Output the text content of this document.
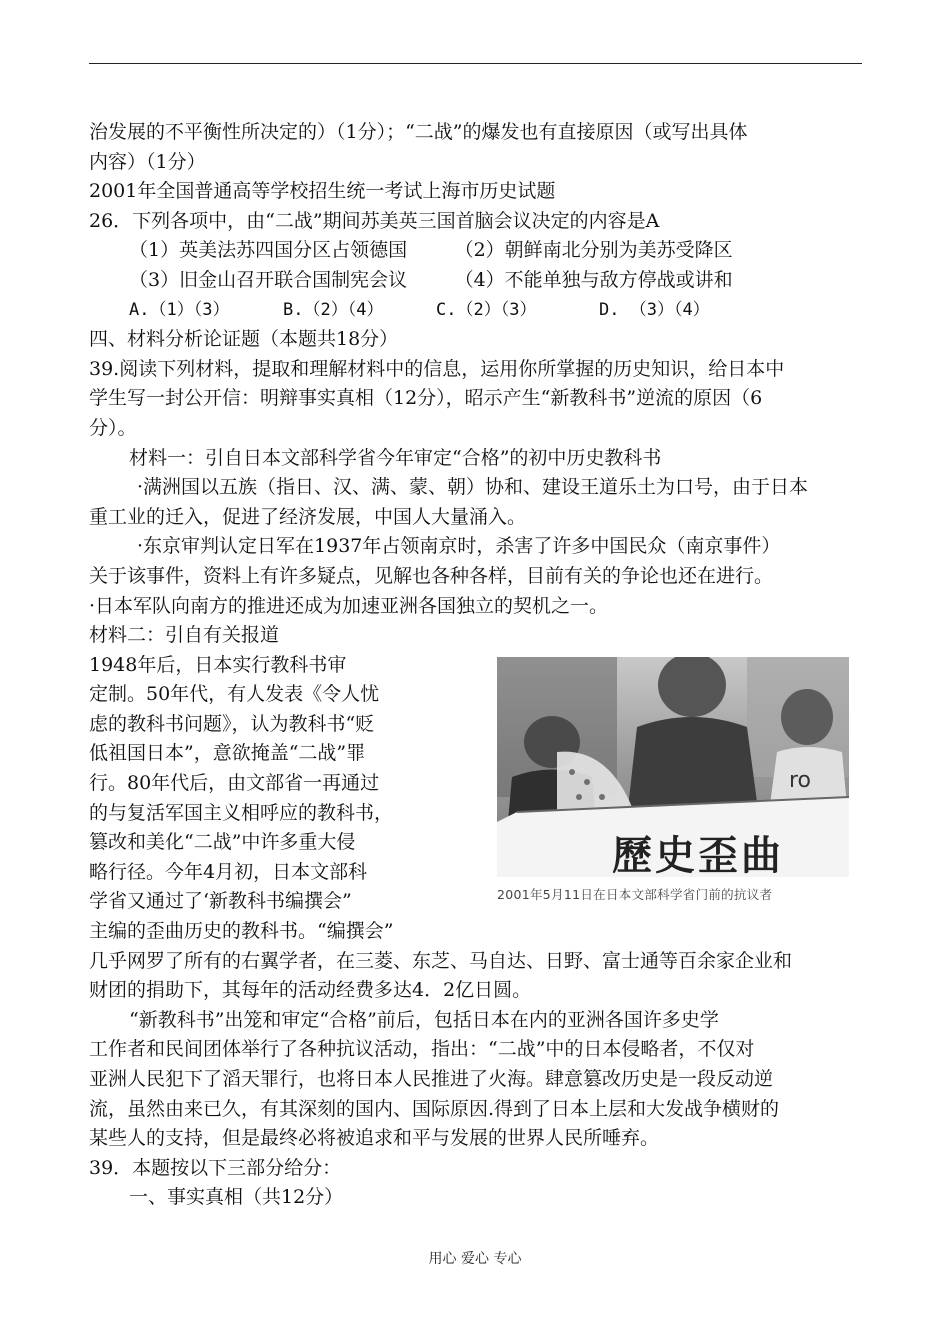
治发展的不平衡性所决定的）（1分）；“二战”的爆发也有直接原因（或写出具体
内容）（1分）
2001年全国普通高等学校招生统一考试上海市历史试题
26．下列各项中，由“二战”期间苏美英三国首脑会议决定的内容是A
（1）英美法苏四国分区占领德国　　　（2）朝鲜南北分别为美苏受降区
（3）旧金山召开联合国制宪会议　　　（4）不能单独与敌方停战或讲和
A.（1）（3）	B.（2）（4）	C.（2）（3）	D. （3）（4）
四、材料分析论证题（本题共18分）
39.阅读下列材料，提取和理解材料中的信息，运用你所掌握的历史知识，给日本中
学生写一封公开信：明辩事实真相（12分），昭示产生“新教科书”逆流的原因（6
分）。
材料一：引自日本文部科学省今年审定“合格”的初中历史教科书
·满洲国以五族（指日、汉、满、蒙、朝）协和、建设王道乐土为口号，由于日本
重工业的迁入，促进了经济发展，中国人大量涌入。
·东京审判认定日军在1937年占领南京时，杀害了许多中国民众（南京事件）
关于该事件，资料上有许多疑点，见解也各种各样，目前有关的争论也还在进行。
·日本军队向南方的推进还成为加速亚洲各国独立的契机之一。
材料二：引自有关报道
1948年后，日本实行教科书审
定制。50年代，有人发表《令人忧
虑的教科书问题》，认为教科书“贬
低祖国日本”，意欲掩盖“二战”罪
行。80年代后，由文部省一再通过
的与复活军国主义相呼应的教科书，
篡改和美化“二战”中许多重大侵
略行径。今年4月初，日本文部科
学省又通过了‘新教科书编撰会”
主编的歪曲历史的教科书。“编撰会”
几乎网罗了所有的右翼学者，在三菱、东芝、马自达、日野、富士通等百余家企业和
财团的捐助下，其每年的活动经费多达4．2亿日圆。
“新教科书”出笼和审定“合格”前后，包括日本在内的亚洲各国许多史学
工作者和民间团体举行了各种抗议活动，指出：“二战”中的日本侵略者，不仅对
亚洲人民犯下了滔天罪行，也将日本人民推进了火海。肆意篡改历史是一段反动逆
流，虽然由来已久，有其深刻的国内、国际原因.得到了日本上层和大发战争横财的
某些人的支持，但是最终必将被追求和平与发展的世界人民所唾弃。
39．本题按以下三部分给分：
一、事实真相（共12分）
ro
歷史歪曲
2001年5月11日在日本文部科学省门前的抗议者
用心 爱心 专心
